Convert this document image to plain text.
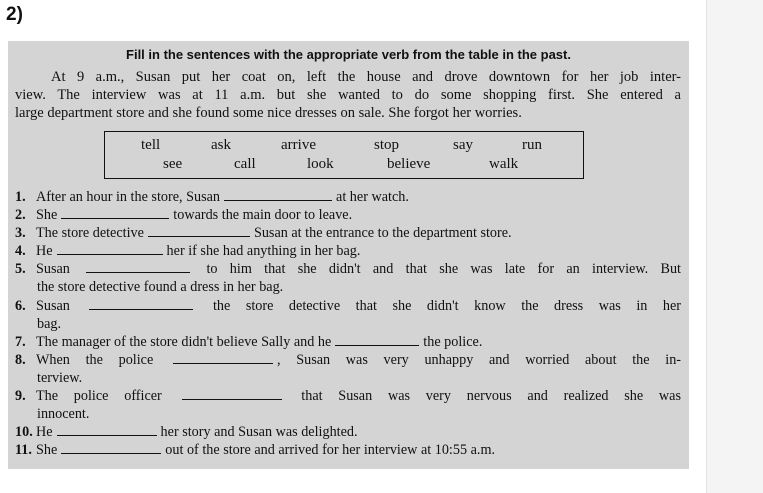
2)
Fill in the sentences with the appropriate verb from the table in the past.
At 9 a.m., Susan put her coat on, left the house and drove downtown for her job inter-
view. The interview was at 11 a.m. but she wanted to do some shopping first. She entered a
large department store and she found some nice dresses on sale. She forgot her worries.
tell	ask	arrive	stop	say	run
see	call	look	believe	walk
1. After an hour in the store, Susan	at her watch.
2. She	towards the main door to leave.
3. The store detective	Susan at the entrance to the department store.
4. He	her if she had anything in her bag.
5. Susan	to him that she didn't and that she was late for an interview. But
the store detective found a dress in her bag.
6. Susan	the store detective that she didn't know the dress was in her
bag.
7. The manager of the store didn't believe Sally and he	the police.
8. When the police	, Susan was very unhappy and worried about the in-
terview.
9. The police officer	that Susan was very nervous and realized she was
innocent.
10. He	her story and Susan was delighted.
11. She	out of the store and arrived for her interview at 10:55 a.m.
